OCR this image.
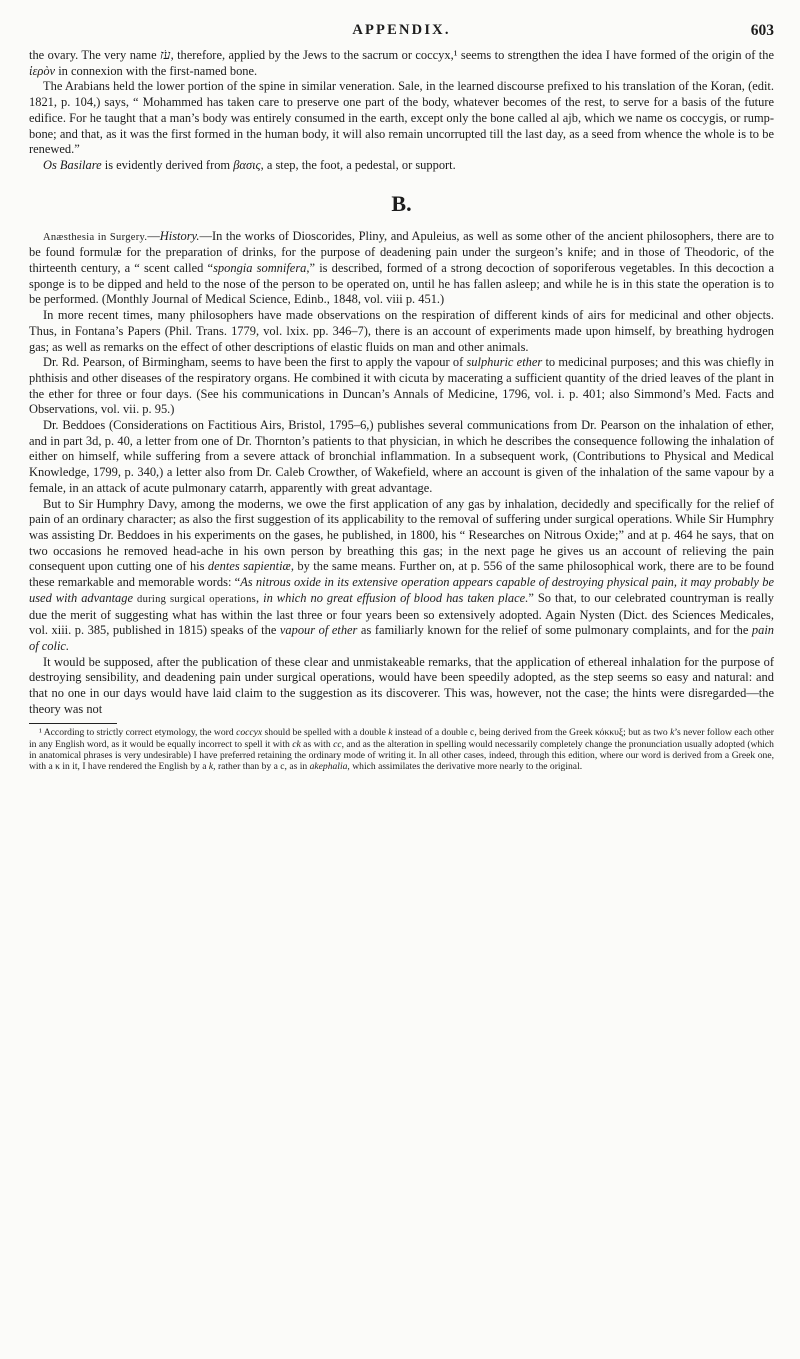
APPENDIX.	603

the ovary. The very name עֹז, therefore, applied by the Jews to the sacrum or coccyx,¹ seems to strengthen the idea I have formed of the origin of the ἱερὸν in connexion with the first-named bone.

The Arabians held the lower portion of the spine in similar veneration. Sale, in the learned discourse prefixed to his translation of the Koran, (edit. 1821, p. 104,) says, “ Mohammed has taken care to preserve one part of the body, whatever becomes of the rest, to serve for a basis of the future edifice. For he taught that a man’s body was entirely consumed in the earth, except only the bone called al ajb, which we name os coccygis, or rump-bone; and that, as it was the first formed in the human body, it will also remain uncorrupted till the last day, as a seed from whence the whole is to be renewed.”

Os Basilare is evidently derived from βασις, a step, the foot, a pedestal, or support.

B.

Anæsthesia in Surgery.—History.—In the works of Dioscorides, Pliny, and Apuleius, as well as some other of the ancient philosophers, there are to be found formulæ for the preparation of drinks, for the purpose of deadening pain under the surgeon’s knife; and in those of Theodoric, of the thirteenth century, a “ scent called “spongia somnifera,” is described, formed of a strong decoction of soporiferous vegetables. In this decoction a sponge is to be dipped and held to the nose of the person to be operated on, until he has fallen asleep; and while he is in this state the operation is to be performed. (Monthly Journal of Medical Science, Edinb., 1848, vol. viii p. 451.)

In more recent times, many philosophers have made observations on the respiration of different kinds of airs for medicinal and other objects. Thus, in Fontana’s Papers (Phil. Trans. 1779, vol. lxix. pp. 346–7), there is an account of experiments made upon himself, by breathing hydrogen gas; as well as remarks on the effect of other descriptions of elastic fluids on man and other animals.

Dr. Rd. Pearson, of Birmingham, seems to have been the first to apply the vapour of sulphuric ether to medicinal purposes; and this was chiefly in phthisis and other diseases of the respiratory organs. He combined it with cicuta by macerating a sufficient quantity of the dried leaves of the plant in the ether for three or four days. (See his communications in Duncan’s Annals of Medicine, 1796, vol. i. p. 401; also Simmond’s Med. Facts and Observations, vol. vii. p. 95.)

Dr. Beddoes (Considerations on Factitious Airs, Bristol, 1795–6,) publishes several communications from Dr. Pearson on the inhalation of ether, and in part 3d, p. 40, a letter from one of Dr. Thornton’s patients to that physician, in which he describes the consequence following the inhalation of either on himself, while suffering from a severe attack of bronchial inflammation. In a subsequent work, (Contributions to Physical and Medical Knowledge, 1799, p. 340,) a letter also from Dr. Caleb Crowther, of Wakefield, where an account is given of the inhalation of the same vapour by a female, in an attack of acute pulmonary catarrh, apparently with great advantage.

But to Sir Humphry Davy, among the moderns, we owe the first application of any gas by inhalation, decidedly and specifically for the relief of pain of an ordinary character; as also the first suggestion of its applicability to the removal of suffering under surgical operations. While Sir Humphry was assisting Dr. Beddoes in his experiments on the gases, he published, in 1800, his “ Researches on Nitrous Oxide;” and at p. 464 he says, that on two occasions he removed head-ache in his own person by breathing this gas; in the next page he gives us an account of relieving the pain consequent upon cutting one of his dentes sapientiæ, by the same means. Further on, at p. 556 of the same philosophical work, there are to be found these remarkable and memorable words: “As nitrous oxide in its extensive operation appears capable of destroying physical pain, it may probably be used with advantage during surgical operations, in which no great effusion of blood has taken place.” So that, to our celebrated countryman is really due the merit of suggesting what has within the last three or four years been so extensively adopted. Again Nysten (Dict. des Sciences Medicales, vol. xiii. p. 385, published in 1815) speaks of the vapour of ether as familiarly known for the relief of some pulmonary complaints, and for the pain of colic.

It would be supposed, after the publication of these clear and unmistakeable remarks, that the application of ethereal inhalation for the purpose of destroying sensibility, and deadening pain under surgical operations, would have been speedily adopted, as the step seems so easy and natural: and that no one in our days would have laid claim to the suggestion as its discoverer. This was, however, not the case; the hints were disregarded—the theory was not

¹ According to strictly correct etymology, the word coccyx should be spelled with a double k instead of a double c, being derived from the Greek κόκκυξ; but as two k’s never follow each other in any English word, as it would be equally incorrect to spell it with ck as with cc, and as the alteration in spelling would necessarily completely change the pronunciation usually adopted (which in anatomical phrases is very undesirable) I have preferred retaining the ordinary mode of writing it. In all other cases, indeed, through this edition, where our word is derived from a Greek one, with a κ in it, I have rendered the English by a k, rather than by a c, as in akephalia, which assimilates the derivative more nearly to the original.
